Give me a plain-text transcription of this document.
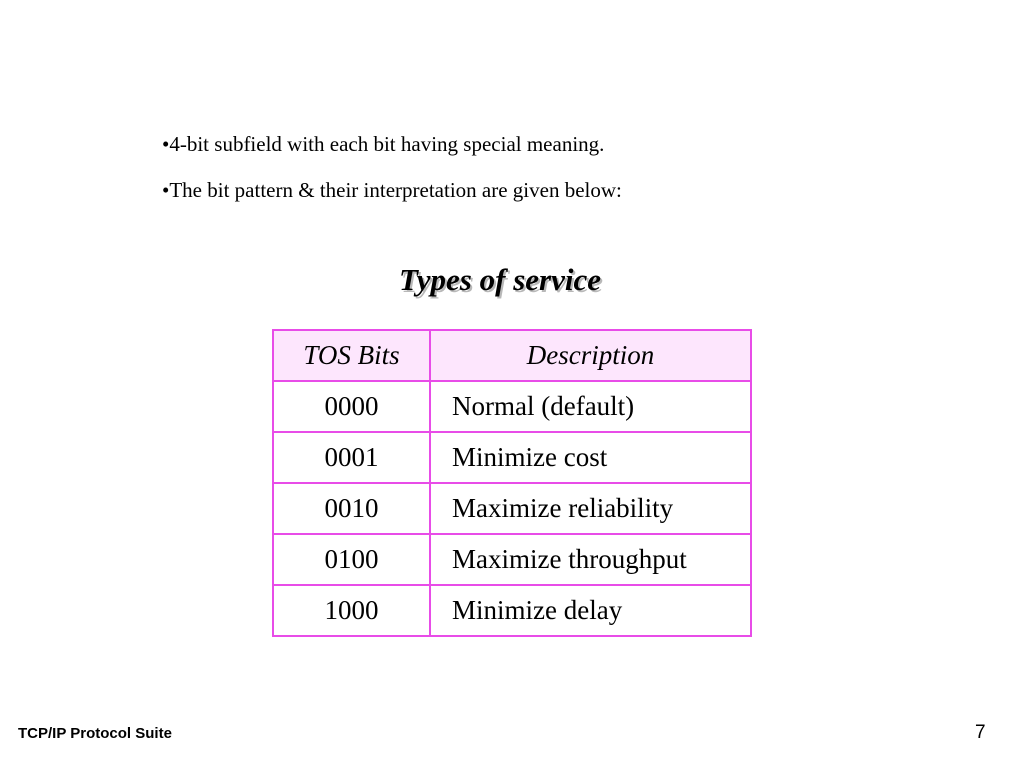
• 4-bit subfield with each bit having special meaning.
• The bit pattern & their interpretation are given below:
Types of service
TOS Bits	Description
0000	Normal (default)
0001	Minimize cost
0010	Maximize reliability
0100	Maximize throughput
1000	Minimize delay
TCP/IP Protocol Suite	7
